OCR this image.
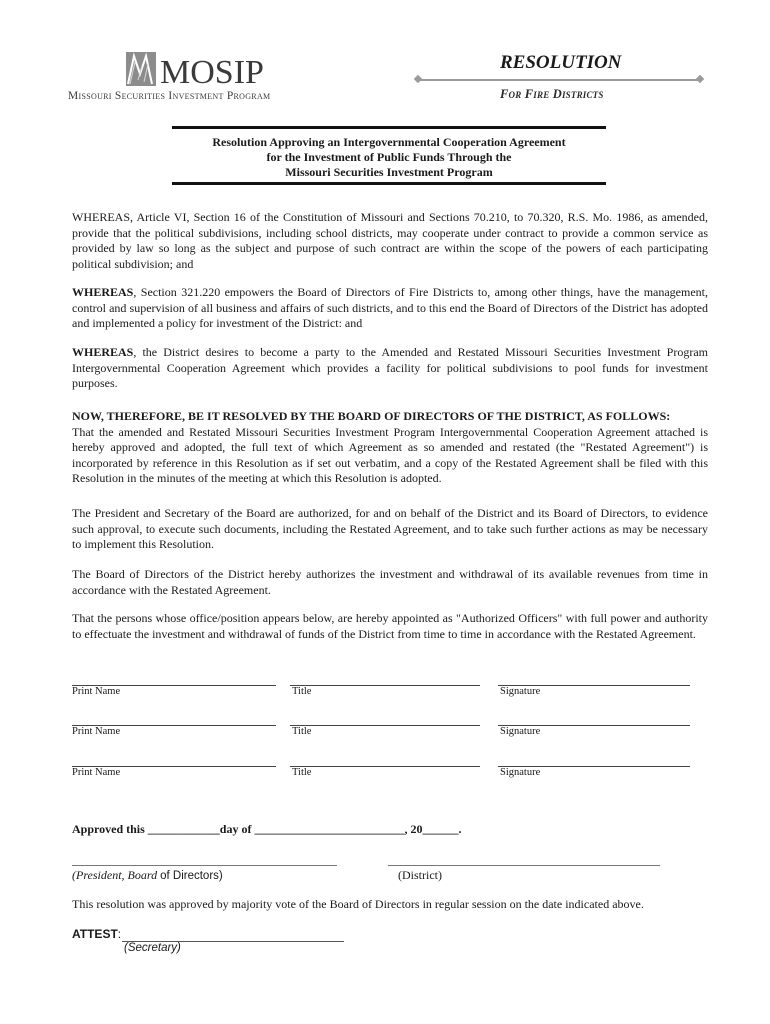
MOSIP
Missouri Securities Investment Program
RESOLUTION
For Fire Districts
Resolution Approving an Intergovernmental Cooperation Agreement
for the Investment of Public Funds Through the
Missouri Securities Investment Program
WHEREAS, Article VI, Section 16 of the Constitution of Missouri and Sections 70.210, to 70.320, R.S. Mo. 1986, as amended, provide that the political subdivisions, including school districts, may cooperate under contract to provide a common service as provided by law so long as the subject and purpose of such contract are within the scope of the powers of each participating political subdivision; and
WHEREAS, Section 321.220 empowers the Board of Directors of Fire Districts to, among other things, have the management, control and supervision of all business and affairs of such districts, and to this end the Board of Directors of the District has adopted and implemented a policy for investment of the District: and
WHEREAS, the District desires to become a party to the Amended and Restated Missouri Securities Investment Program Intergovernmental Cooperation Agreement which provides a facility for political subdivisions to pool funds for investment purposes.
NOW, THEREFORE, BE IT RESOLVED BY THE BOARD OF DIRECTORS OF THE DISTRICT, AS FOLLOWS:
That the amended and Restated Missouri Securities Investment Program Intergovernmental Cooperation Agreement attached is hereby approved and adopted, the full text of which Agreement as so amended and restated (the "Restated Agreement") is incorporated by reference in this Resolution as if set out verbatim, and a copy of the Restated Agreement shall be filed with this Resolution in the minutes of the meeting at which this Resolution is adopted.
The President and Secretary of the Board are authorized, for and on behalf of the District and its Board of Directors, to evidence such approval, to execute such documents, including the Restated Agreement, and to take such further actions as may be necessary to implement this Resolution.
The Board of Directors of the District hereby authorizes the investment and withdrawal of its available revenues from time in accordance with the Restated Agreement.
That the persons whose office/position appears below, are hereby appointed as "Authorized Officers" with full power and authority to effectuate the investment and withdrawal of funds of the District from time to time in accordance with the Restated Agreement.
Print Name	Title	Signature
Print Name	Title	Signature
Print Name	Title	Signature
Approved this ____________day of _________________________, 20______.
(President, Board of Directors)	(District)
This resolution was approved by majority vote of the Board of Directors in regular session on the date indicated above.
ATTEST:
(Secretary)
